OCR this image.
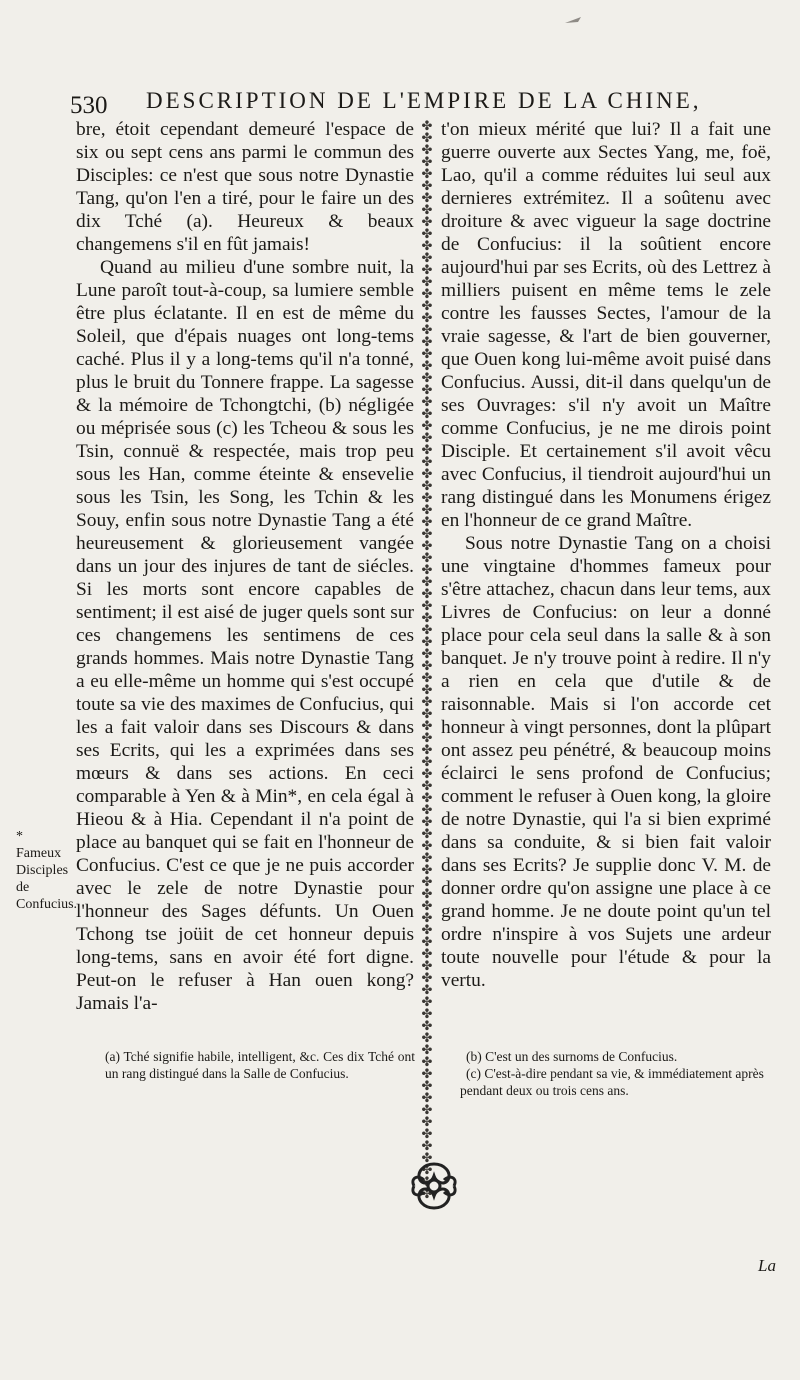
530 DESCRIPTION DE L'EMPIRE DE LA CHINE,

bre, étoit cependant demeuré l'espace de six ou sept cens ans parmi le commun des Disciples: ce n'est que sous notre Dynastie Tang, qu'on l'en a tiré, pour le faire un des dix Tché (a). Heureux & beaux changemens s'il en fût jamais!

Quand au milieu d'une sombre nuit, la Lune paroît tout-à-coup, sa lumiere semble être plus éclatante. Il en est de même du Soleil, que d'épais nuages ont long-tems caché. Plus il y a long-tems qu'il n'a tonné, plus le bruit du Tonnere frappe. La sagesse & la mémoire de Tchongtchi, (b) négligée ou méprisée sous (c) les Tcheou & sous les Tsin, connuë & respectée, mais trop peu sous les Han, comme éteinte & ensevelie sous les Tsin, les Song, les Tchin & les Souy, enfin sous notre Dynastie Tang a été heureusement & glorieusement vangée dans un jour des injures de tant de siécles. Si les morts sont encore capables de sentiment; il est aisé de juger quels sont sur ces changemens les sentimens de ces grands hommes. Mais notre Dynastie Tang a eu elle-même un homme qui s'est occupé toute sa vie des maximes de Confucius, qui les a fait valoir dans ses Discours & dans ses Ecrits, qui les a exprimées dans ses mœurs & dans ses actions. En ceci comparable à Yen & à Min*, en cela égal à Hieou & à Hia. Cependant il n'a point de place au banquet qui se fait en l'honneur de Confucius. C'est ce que je ne puis accorder avec le zele de notre Dynastie pour l'honneur des Sages défunts. Un Ouen Tchong tse joüit de cet honneur depuis long-tems, sans en avoir été fort digne. Peut-on le refuser à Han ouen kong? Jamais l'a-

✤
✤
✤
✤
✤
✤
✤
✤
✤
✤
✤
✤
✤
✤
✤
✤
✤
✤
✤
✤
✤
✤
✤
✤
✤
✤
✤
✤
✤
✤
✤
✤
✤
✤
✤
✤
✤
✤
✤
✤
✤
✤
✤
✤
✤
✤
✤
✤
✤
✤
✤
✤
✤
✤
✤
✤
✤
✤
✤
✤
✤
✤
✤
✤
✤
✤
✤
✤
✤
✤
✤
✤
✤
✤
✤
✤
✤
✤
✤
✤
✤
✤
✤
✤
✤
✤
✤
✤
✤
✤

t'on mieux mérité que lui? Il a fait une guerre ouverte aux Sectes Yang, me, foë, Lao, qu'il a comme réduites lui seul aux dernieres extrémitez. Il a soûtenu avec droiture & avec vigueur la sage doctrine de Confucius: il la soûtient encore aujourd'hui par ses Ecrits, où des Lettrez à milliers puisent en même tems le zele contre les fausses Sectes, l'amour de la vraie sagesse, & l'art de bien gouverner, que Ouen kong lui-même avoit puisé dans Confucius. Aussi, dit-il dans quelqu'un de ses Ouvrages: s'il n'y avoit un Maître comme Confucius, je ne me dirois point Disciple. Et certainement s'il avoit vêcu avec Confucius, il tiendroit aujourd'hui un rang distingué dans les Monumens érigez en l'honneur de ce grand Maître.

Sous notre Dynastie Tang on a choisi une vingtaine d'hommes fameux pour s'être attachez, chacun dans leur tems, aux Livres de Confucius: on leur a donné place pour cela seul dans la salle & à son banquet. Je n'y trouve point à redire. Il n'y a rien en cela que d'utile & de raisonnable. Mais si l'on accorde cet honneur à vingt personnes, dont la plûpart ont assez peu pénétré, & beaucoup moins éclairci le sens profond de Confucius; comment le refuser à Ouen kong, la gloire de notre Dynastie, qui l'a si bien exprimé dans sa conduite, & si bien fait valoir dans ses Ecrits? Je supplie donc V. M. de donner ordre qu'on assigne une place à ce grand homme. Je ne doute point qu'un tel ordre n'inspire à vos Sujets une ardeur toute nouvelle pour l'étude & pour la vertu.

* Fameux Disciples de Confucius.
(a) Tché signifie habile, intelligent, &c. Ces dix Tché ont un rang distingué dans la Salle de Confucius.

(b) C'est un des surnoms de Confucius.

(c) C'est-à-dire pendant sa vie, & immédiatement après pendant deux ou trois cens ans.

La
